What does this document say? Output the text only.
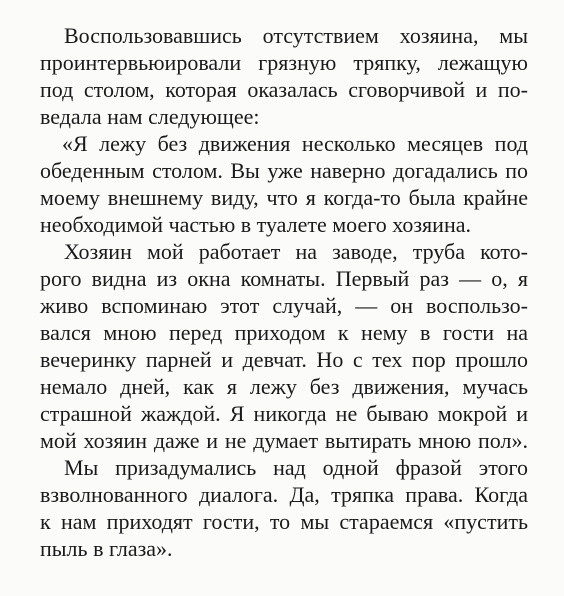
Воспользовавшись отсутствием хозяина, мы
проинтервьюировали грязную тряпку, лежащую
под столом, которая оказалась сговорчивой и по-
ведала нам следующее:
«Я лежу без движения несколько месяцев под
обеденным столом. Вы уже наверно догадались по
моему внешнему виду, что я когда-то была крайне
необходимой частью в туалете моего хозяина.
Хозяин мой работает на заводе, труба кото-
рого видна из окна комнаты. Первый раз — о, я
живо вспоминаю этот случай, — он воспользо-
вался мною перед приходом к нему в гости на
вечеринку парней и девчат. Но с тех пор прошло
немало дней, как я лежу без движения, мучась
страшной жаждой. Я никогда не бываю мокрой и
мой хозяин даже и не думает вытирать мною пол».
Мы призадумались над одной фразой этого
взволнованного диалога. Да, тряпка права. Когда
к нам приходят гости, то мы стараемся «пустить
пыль в глаза».
